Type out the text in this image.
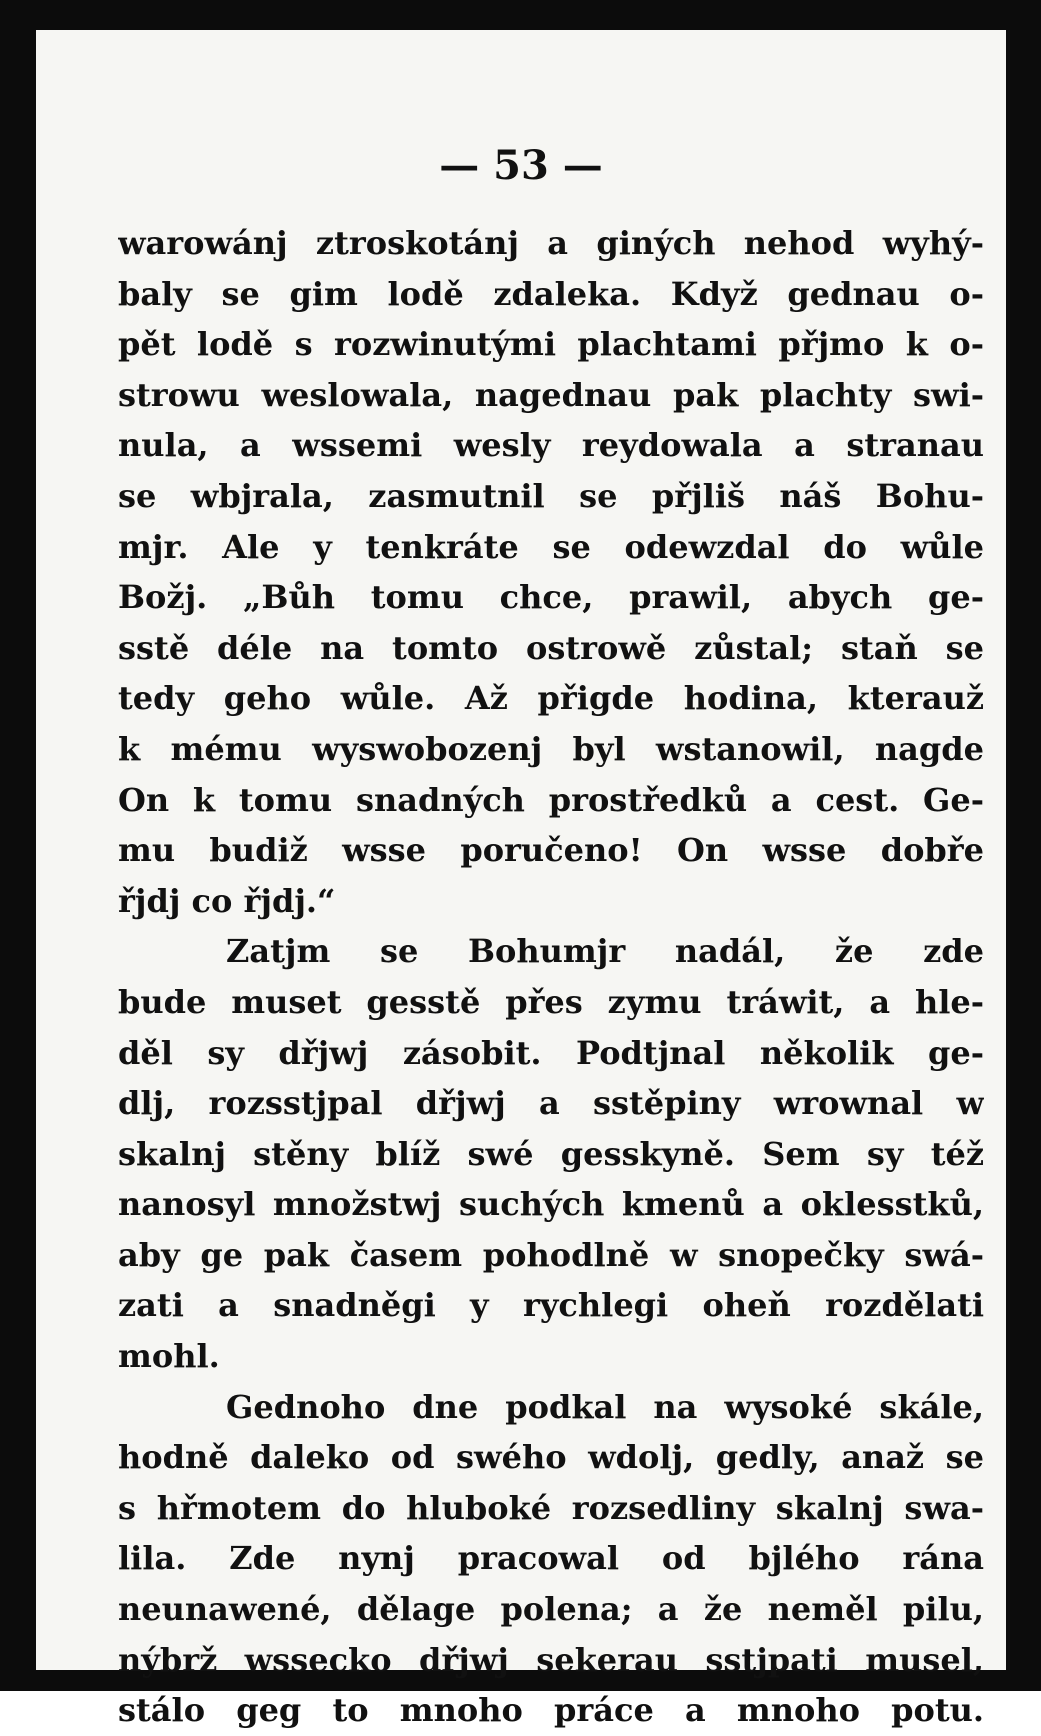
— 53 —
warowánj ztroskotánj a giných nehod wyhý-
baly se gim lodě zdaleka. Když gednau o-
pět lodě s rozwinutými plachtami přjmo k o-
strowu weslowala, nagednau pak plachty swi-
nula, a wssemi wesly reydowala a stranau
se wbjrala, zasmutnil se přjliš náš Bohu-
mjr. Ale y tenkráte se odewzdal do wůle
Božj. „Bůh tomu chce, prawil, abych ge-
sstě déle na tomto ostrowě zůstal; staň se
tedy geho wůle. Až přigde hodina, kterauž
k mému wyswobozenj byl wstanowil, nagde
On k tomu snadných prostředků a cest. Ge-
mu budiž wsse poručeno! On wsse dobře
řjdj co řjdj.“
Zatjm se Bohumjr nadál, že zde
bude muset gesstě přes zymu tráwit, a hle-
děl sy dřjwj zásobit. Podtjnal několik ge-
dlj, rozsstjpal dřjwj a sstěpiny wrownal w
skalnj stěny blíž swé gesskyně. Sem sy též
nanosyl množstwj suchých kmenů a oklesstků,
aby ge pak časem pohodlně w snopečky swá-
zati a snadněgi y rychlegi oheň rozdělati
mohl.
Gednoho dne podkal na wysoké skále,
hodně daleko od swého wdolj, gedly, anaž se
s hřmotem do hluboké rozsedliny skalnj swa-
lila. Zde nynj pracowal od bjlého rána
neunawené, dělage polena; a že neměl pilu,
nýbrž wssecko dřjwj sekerau sstjpati musel,
stálo geg to mnoho práce a mnoho potu.
